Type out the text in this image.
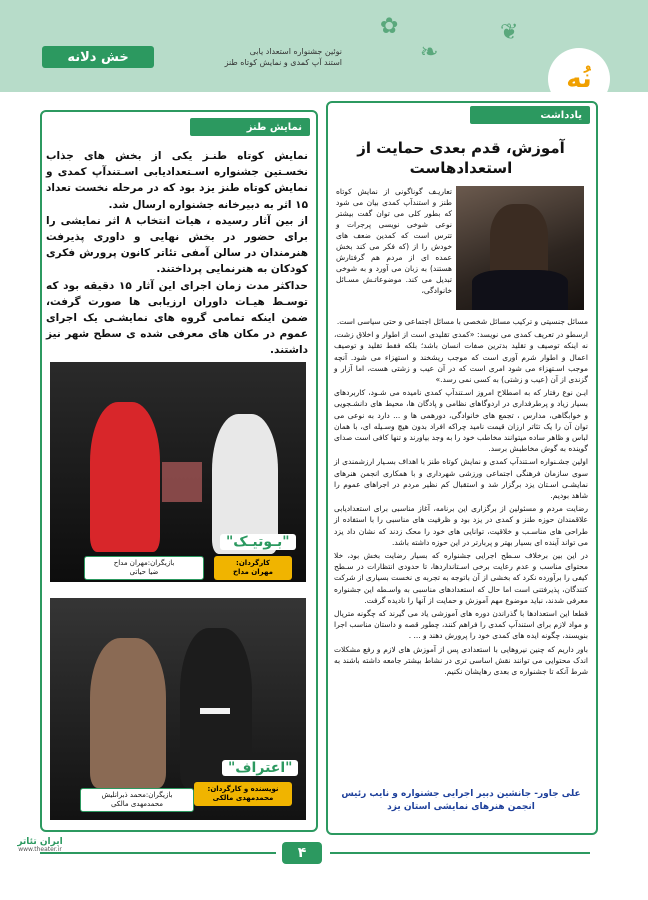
❦
❧
✿
نُه
خش دلانه	نوئین جشنواره استعداد یابی
استند آپ کمدی و نمایش کوتاه طنز
یادداشت
آموزش، قدم بعدی حمایت از استعدادهاست
تعاریـف گوناگونی از نمایش کوتاه طنز و استندآپ کمدی بیان می شود که بطور کلی می توان گفت بیشتر نوعی شوخی نویسی پرجرات و تترس است که کمدین ضعف های خودش را از (که فکر می کند بخش عمده ای از مردم هم گرفتارش هستند) به زبان می آورد و به شوخی تبدیل می کند. موضوعاتـش مسـائل خانوادگی،

مسائل جنسیتی و ترکیب مسائل شخصی با مسائل اجتماعی و حتی سیاسی است.

ارسطو در تعریف کمدی می نویسد: «کمدی تقلیدی است از اطوار و اخلاق زشت، نه اینکه توصیف و تقلید بدترین صفات انسان باشد؛ بلکه فقط تقلید و توصیف اعمال و اطوار شرم آوری است که موجب ریشخند و استهزاء می شود. آنچه موجب اسـتهزاء می شود امری است که در آن عیب و زشتی هست، اما آزار و گزندی از آن (عیب و زشتی) به کسی نمی رسد.»

ایـن نوع رفتار که به اصطلاح امروز اسـتندآپ کمدی نامیده می شـود، کاربردهای بسیار زیاد و پرطرفداری در اردوگاهای نظامی و پادگان ها، محیط های دانشـجویی و خوابگاهی، مدارس ، تجمع های خانوادگی، دورهمی ها و ... دارد به نوعی می توان آن را یک تئاتر ارزان قیمت نامید چراکه افراد بدون هیچ وسـیله ای، با همان لباس و ظاهر ساده میتوانند مخاطب خود را به وجد بیاورند و تنها کافی است صدای گوینده به گوش مخاطبش برسد.

اولین جشـنواره اسـتندآپ کمدی و نمایش کوتاه طنز با اهداف بسـیار ارزشمندی از سوی سازمان فرهنگی اجتماعی ورزشی شهرداری و با همکاری انجمن هنرهای نمایشـی اسـتان یزد برگزار شد و استقبال کم نظیر مردم در اجراهای عموم را شاهد بودیم.

رضایت مردم و مسئولین از برگزاری این برنامه، آغاز مناسبی برای استعدادیابی علاقمندان حوزه طنز و کمدی در یزد بود و ظرفیت های مناسبی را با استفاده از طراحی های مناسـب و خلاقیت، توانایی های خود را محک زدند که نشان داد یزد می تواند آینده ای بسیار بهتر و پربارتر در این حوزه داشته باشد.

در این بین برخلاف سـطح اجرایی جشنواره که بسیار رضایت بخش بود، خلا محتوای مناسب و عدم رعایت برخی اسـتانداردها، تا حدودی انتظارات در سـطح کیفی را برآورده نکرد که بخشی از آن باتوجه به تجربه ی نخست بسیاری از شرکت کنندگان، پذیرفتنی است اما حال که استعدادهای مناسبی به واسـطه این جشنواره معرفی شدند، نباید موضوع مهم آموزش و حمایت از آنها را نادیده گرفت.

قطعا این استعدادها با گذراندن دوره های آموزشی یاد می گیرند که چگونه متریال و مواد لازم برای استندآپ کمدی را فراهم کنند، چطور قصه و داستان مناسب اجرا بنویسند، چگونه ایده های کمدی خود را پرورش دهند و ... .

باور داریم که چنین نیروهایی با استعدادی پس از آموزش های لازم و رفع مشکلات اندک محتوایی می توانند نقش اساسی تری در نشاط بیشتر جامعه داشته باشند به شرط آنکه تا جشنواره ی بعدی رهایشان نکنیم.

علی جاور- جانشین دبیر اجرایی جشنواره و نایب رئیس انجمن هنرهای نمایشی استان یزد
نمایش طنز

نمایش کوتاه طنـز یکی از بخش های جذاب نخسـتین جشنواره اسـتعدادیابی اسـتندآپ کمدی و نمایش کوتاه طنز یزد بود که در مرحله نخست تعداد ۱۵ اثر به دبیرخانه جشنواره ارسال شد.

از بین آثار رسیده ، هیات انتخاب ۸ اثر نمایشی را برای حضور در بخش نهایی و داوری پذیرفت هنرمندان در سالن آمفی تئاتر کانون پرورش فکری کودکان به هنرنمایی پرداختند.

حداکثر مدت زمان اجرای این آثار ۱۵ دقیقه بود که توسـط هیـات داوران ارزیابی ها صورت گرفت، ضمن اینکه تمامی گروه های نمایشـی یک اجرای عموم در مکان های معرفی شده ی سطح شهر نیز داشتند.

"بـوتیـک"
کارگردان:
مهران مداح
بازیگران:مهران مداح
ضیا حیاتی
"اعتراف"
نویسنده و کارگردان:
محمدمهدی مالکی
بازیگران:محمد ذبرانلیش
محمدمهدی مالکی
۴
ایران تئاتر
www.theater.ir
